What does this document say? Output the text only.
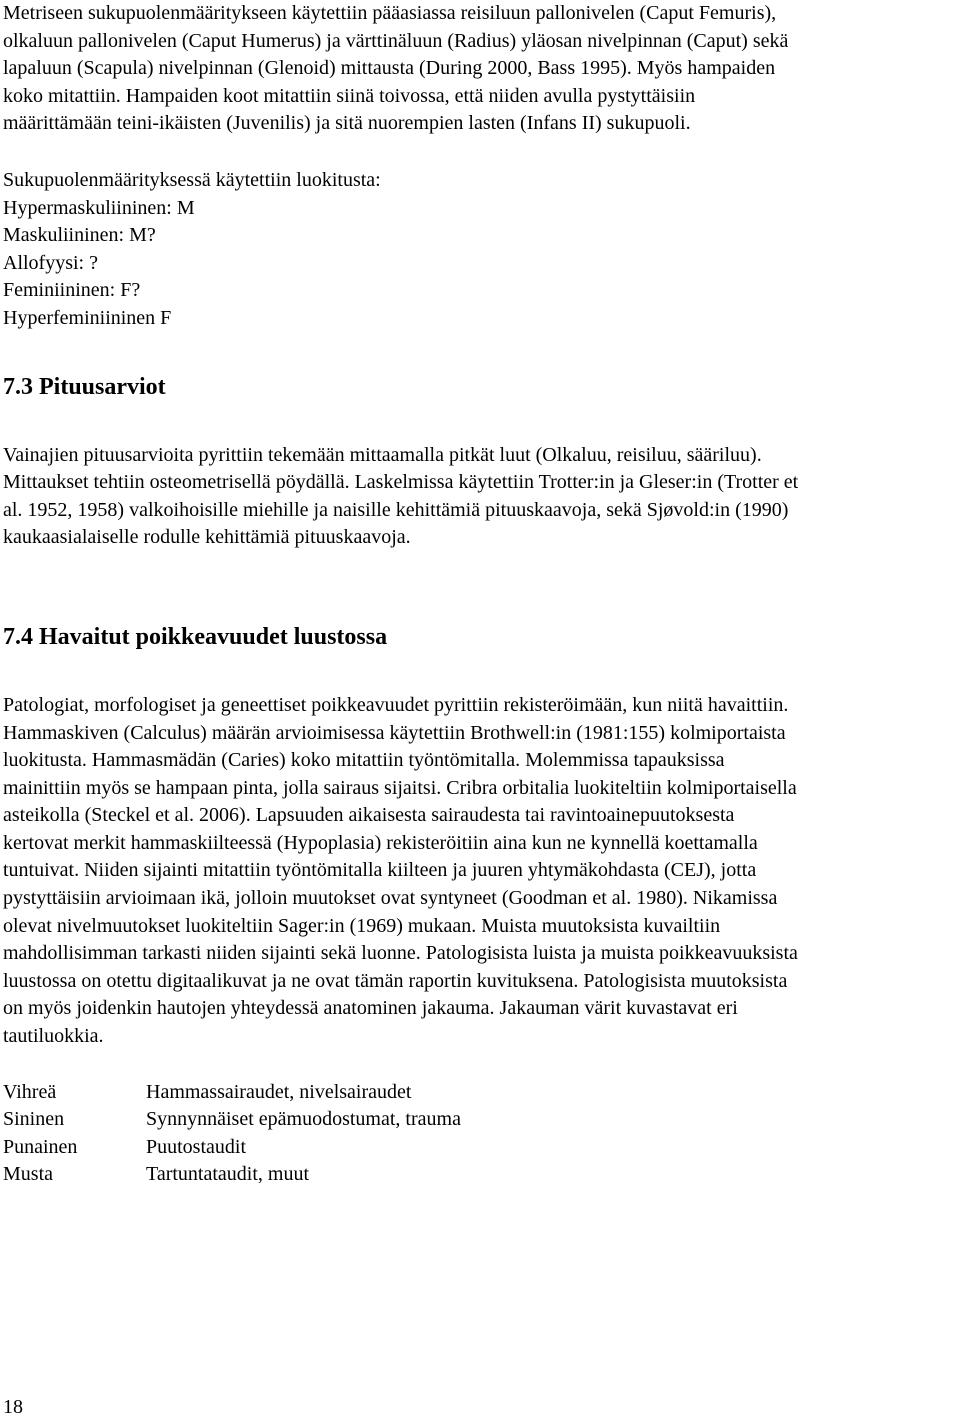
Metriseen sukupuolenmääritykseen käytettiin pääasiassa reisiluun pallonivelen (Caput Femuris),
olkaluun pallonivelen (Caput Humerus) ja värttinäluun (Radius) yläosan nivelpinnan (Caput) sekä
lapaluun (Scapula) nivelpinnan (Glenoid) mittausta (During 2000, Bass 1995). Myös hampaiden
koko mitattiin. Hampaiden koot mitattiin siinä toivossa, että niiden avulla pystyttäisiin
määrittämään teini-ikäisten (Juvenilis) ja sitä nuorempien lasten (Infans II) sukupuoli.

Sukupuolenmäärityksessä käytettiin luokitusta:
Hypermaskuliininen: M
Maskuliininen: M?
Allofyysi: ?
Feminiininen: F?
Hyperfeminiininen F
7.3 Pituusarviot

Vainajien pituusarvioita pyrittiin tekemään mittaamalla pitkät luut (Olkaluu, reisiluu, sääriluu).
Mittaukset tehtiin osteometrisellä pöydällä. Laskelmissa käytettiin Trotter:in ja Gleser:in (Trotter et
al. 1952, 1958) valkoihoisille miehille ja naisille kehittämiä pituuskaavoja, sekä Sjøvold:in (1990)
kaukaasialaiselle rodulle kehittämiä pituuskaavoja.

7.4 Havaitut poikkeavuudet luustossa

Patologiat, morfologiset ja geneettiset poikkeavuudet pyrittiin rekisteröimään, kun niitä havaittiin.
Hammaskiven (Calculus) määrän arvioimisessa käytettiin Brothwell:in (1981:155) kolmiportaista
luokitusta. Hammasmädän (Caries) koko mitattiin työntömitalla. Molemmissa tapauksissa
mainittiin myös se hampaan pinta, jolla sairaus sijaitsi. Cribra orbitalia luokiteltiin kolmiportaisella
asteikolla (Steckel et al. 2006). Lapsuuden aikaisesta sairaudesta tai ravintoainepuutoksesta
kertovat merkit hammaskiilteessä (Hypoplasia) rekisteröitiin aina kun ne kynnellä koettamalla
tuntuivat. Niiden sijainti mitattiin työntömitalla kiilteen ja juuren yhtymäkohdasta (CEJ), jotta
pystyttäisiin arvioimaan ikä, jolloin muutokset ovat syntyneet (Goodman et al. 1980). Nikamissa
olevat nivelmuutokset luokiteltiin Sager:in (1969) mukaan. Muista muutoksista kuvailtiin
mahdollisimman tarkasti niiden sijainti sekä luonne. Patologisista luista ja muista poikkeavuuksista
luustossa on otettu digitaalikuvat ja ne ovat tämän raportin kuvituksena. Patologisista muutoksista
on myös joidenkin hautojen yhteydessä anatominen jakauma. Jakauman värit kuvastavat eri
tautiluokkia.

Vihreä	Hammassairaudet, nivelsairaudet
Sininen	Synnynnäiset epämuodostumat, trauma
Punainen	Puutostaudit
Musta	Tartuntataudit, muut
18
